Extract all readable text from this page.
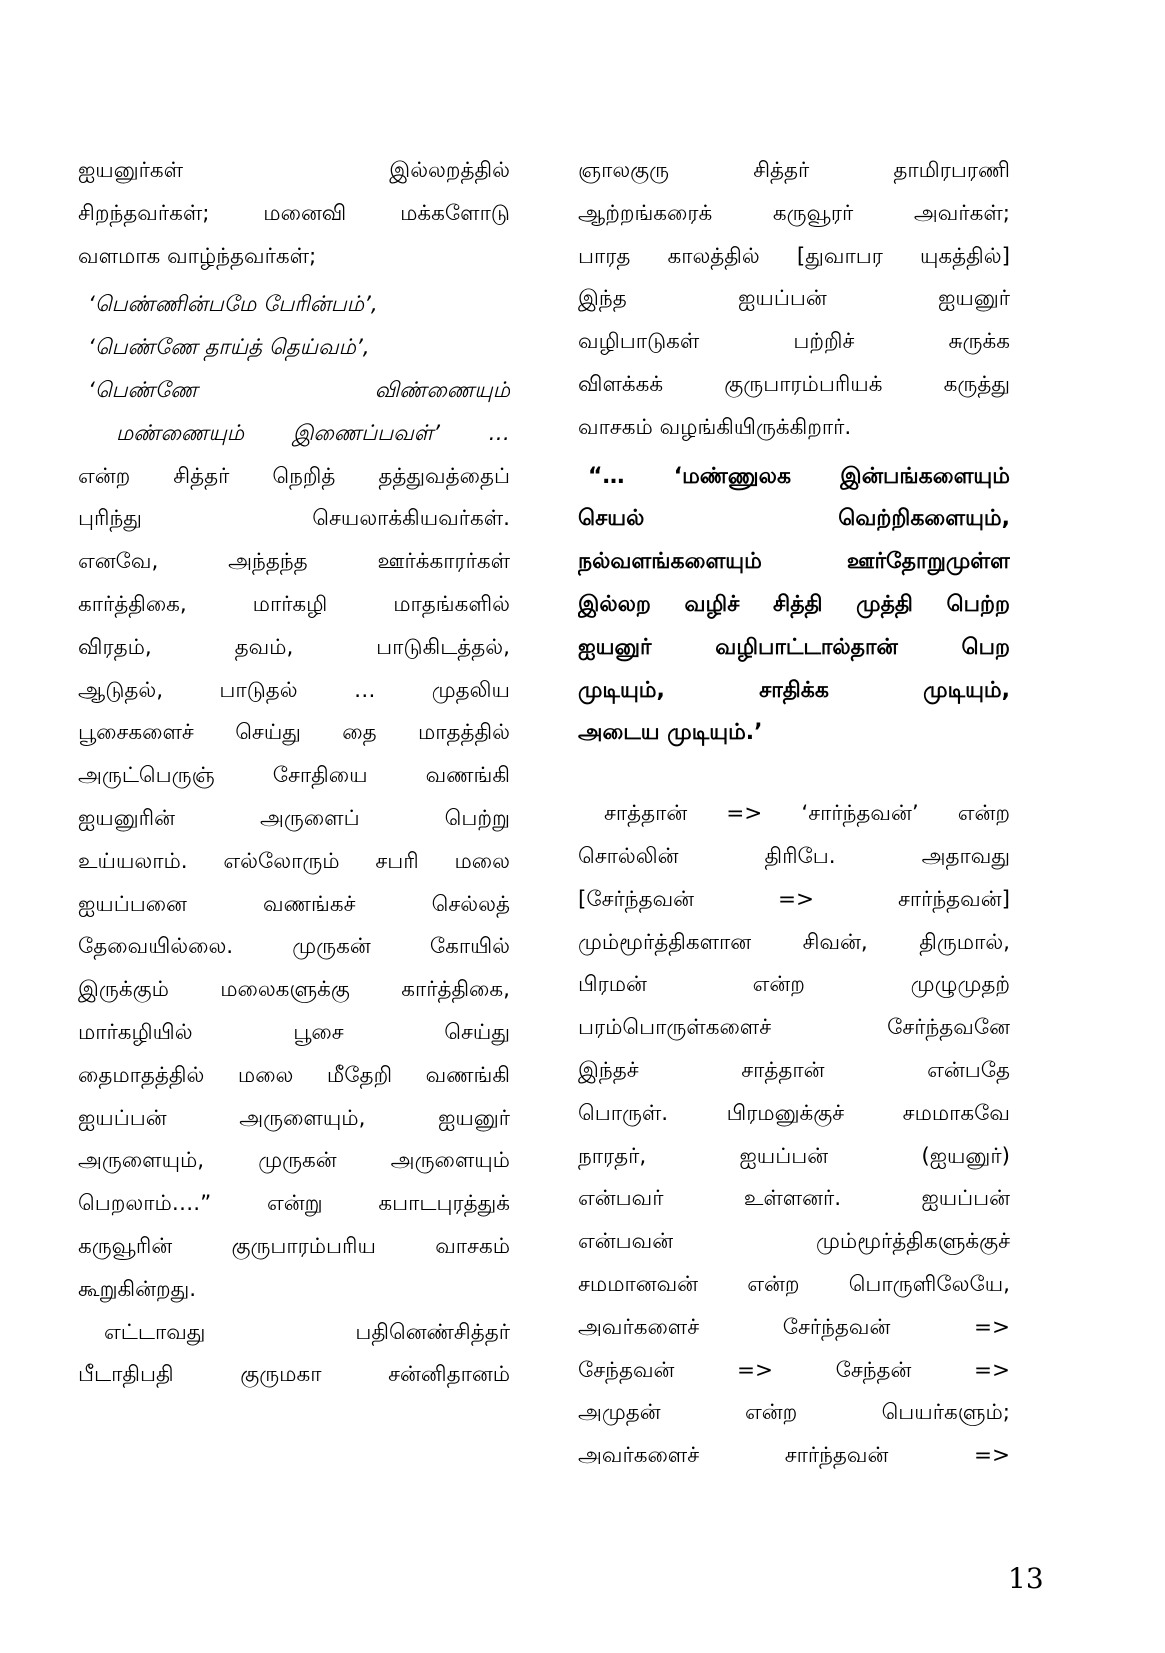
ஐயனுர்கள் இல்லறத்தில்
சிறந்தவர்கள்; மனைவி மக்களோடு
வளமாக வாழ்ந்தவர்கள்;
‘பெண்ணின்பமே பேரின்பம்’,
‘பெண்ணே தாய்த் தெய்வம்’,
‘பெண்ணே விண்ணையும்
மண்ணையும் இணைப்பவள்’ …
என்ற சித்தர் நெறித் தத்துவத்தைப்
புரிந்து செயலாக்கியவர்கள்.
எனவே, அந்தந்த ஊர்க்காரர்கள்
கார்த்திகை, மார்கழி மாதங்களில்
விரதம், தவம், பாடுகிடத்தல்,
ஆடுதல், பாடுதல் … முதலிய
பூசைகளைச் செய்து தை மாதத்தில்
அருட்பெருஞ் சோதியை வணங்கி
ஐயனுரின் அருளைப் பெற்று
உய்யலாம். எல்லோரும் சபரி மலை
ஐயப்பனை வணங்கச் செல்லத்
தேவையில்லை. முருகன் கோயில்
இருக்கும் மலைகளுக்கு கார்த்திகை,
மார்கழியில் பூசை செய்து
தைமாதத்தில் மலை மீதேறி வணங்கி
ஐயப்பன் அருளையும், ஐயனுர்
அருளையும், முருகன் அருளையும்
பெறலாம்….” என்று கபாடபுரத்துக்
கருவூரின் குருபாரம்பரிய வாசகம்
கூறுகின்றது.
எட்டாவது பதினெண்சித்தர்
பீடாதிபதி குருமகா சன்னிதானம்
ஞாலகுரு சித்தர் தாமிரபரணி
ஆற்றங்கரைக் கருவூரர் அவர்கள்;
பாரத காலத்தில் [துவாபர யுகத்தில்]
இந்த ஐயப்பன் ஐயனுர்
வழிபாடுகள் பற்றிச் சுருக்க
விளக்கக் குருபாரம்பரியக் கருத்து
வாசகம் வழங்கியிருக்கிறார்.
“… ‘மண்ணுலக இன்பங்களையும்
செயல் வெற்றிகளையும்,
நல்வளங்களையும் ஊர்தோறுமுள்ள
இல்லற வழிச் சித்தி முத்தி பெற்ற
ஐயனுர் வழிபாட்டால்தான் பெற
முடியும், சாதிக்க முடியும்,
அடைய முடியும்.’
சாத்தான் => ‘சார்ந்தவன்’ என்ற
சொல்லின் திரிபே. அதாவது
[சேர்ந்தவன் => சார்ந்தவன்]
மும்மூர்த்திகளான சிவன், திருமால்,
பிரமன் என்ற முழுமுதற்
பரம்பொருள்களைச் சேர்ந்தவனே
இந்தச் சாத்தான் என்பதே
பொருள். பிரமனுக்குச் சமமாகவே
நாரதர், ஐயப்பன் (ஐயனுர்)
என்பவர் உள்ளனர். ஐயப்பன்
என்பவன் மும்மூர்த்திகளுக்குச்
சமமானவன் என்ற பொருளிலேயே,
அவர்களைச் சேர்ந்தவன் =>
சேந்தவன் => சேந்தன் =>
அமுதன் என்ற பெயர்களும்;
அவர்களைச் சார்ந்தவன் =>
13
